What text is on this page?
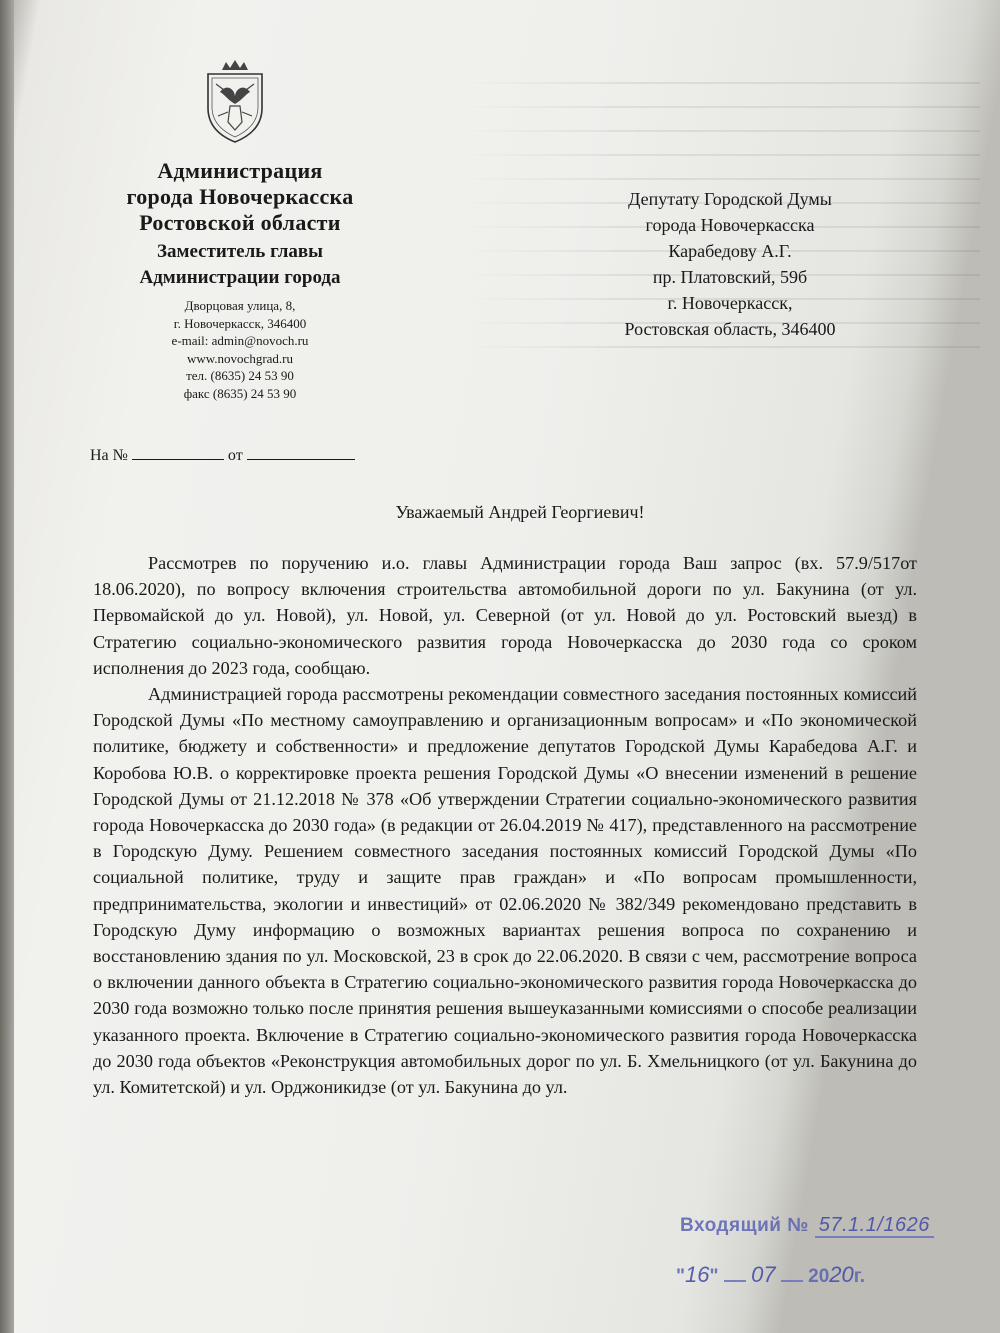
Администрация
города Новочеркасска
Ростовской области
Заместитель главы
Администрации города
Дворцовая улица, 8,
г. Новочеркасск, 346400
e-mail: admin@novoch.ru
www.novochgrad.ru
тел. (8635) 24 53 90
факс (8635) 24 53 90
Депутату Городской Думы
города Новочеркасска
Карабедову А.Г.
пр. Платовский, 59б
г. Новочеркасск,
Ростовская область, 346400
На №	от
Уважаемый Андрей Георгиевич!

Рассмотрев по поручению и.о. главы Администрации города Ваш запрос (вх. 57.9/517от 18.06.2020), по вопросу включения строительства автомобильной дороги по ул. Бакунина (от ул. Первомайской до ул. Новой), ул. Новой, ул. Северной (от ул. Новой до ул. Ростовский выезд) в Стратегию социально-экономического развития города Новочеркасска до 2030 года со сроком исполнения до 2023 года, сообщаю.

Администрацией города рассмотрены рекомендации совместного заседания постоянных комиссий Городской Думы «По местному самоуправлению и организационным вопросам» и «По экономической политике, бюджету и собственности» и предложение депутатов Городской Думы Карабедова А.Г. и Коробова Ю.В. о корректировке проекта решения Городской Думы «О внесении изменений в решение Городской Думы от 21.12.2018 № 378 «Об утверждении Стратегии социально-экономического развития города Новочеркасска до 2030 года» (в редакции от 26.04.2019 № 417), представленного на рассмотрение в Городскую Думу. Решением совместного заседания постоянных комиссий Городской Думы «По социальной политике, труду и защите прав граждан» и «По вопросам промышленности, предпринимательства, экологии и инвестиций» от 02.06.2020 № 382/349 рекомендовано представить в Городскую Думу информацию о возможных вариантах решения вопроса по сохранению и восстановлению здания по ул. Московской, 23 в срок до 22.06.2020. В связи с чем, рассмотрение вопроса о включении данного объекта в Стратегию социально-экономического развития города Новочеркасска до 2030 года возможно только после принятия решения вышеуказанными комиссиями о способе реализации указанного проекта. Включение в Стратегию социально-экономического развития города Новочеркасска до 2030 года объектов «Реконструкция автомобильных дорог по ул. Б. Хмельницкого (от ул. Бакунина до ул. Комитетской) и ул. Орджоникидзе (от ул. Бакунина до ул.

Входящий № 57.1.1/1626
"16" 07 2020г.
